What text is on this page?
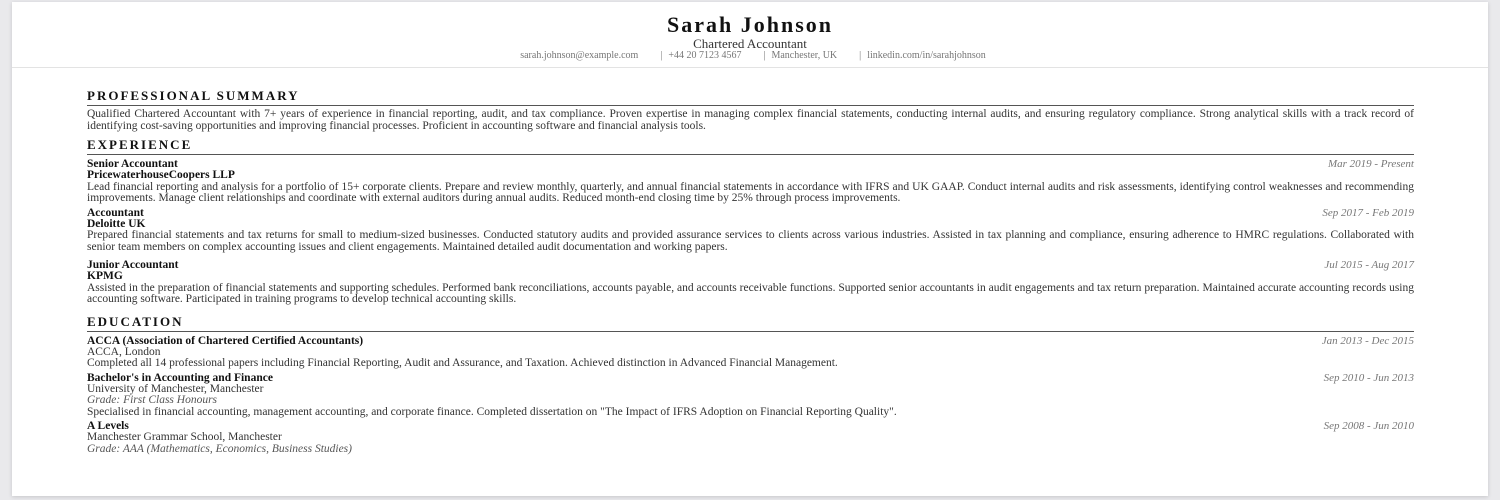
Sarah Johnson
Chartered Accountant
sarah.johnson@example.com | +44 20 7123 4567 | Manchester, UK | linkedin.com/in/sarahjohnson
PROFESSIONAL SUMMARY

Qualified Chartered Accountant with 7+ years of experience in financial reporting, audit, and tax compliance. Proven expertise in managing complex financial statements, conducting internal audits, and ensuring regulatory compliance. Strong analytical skills with a track record of identifying cost-saving opportunities and improving financial processes. Proficient in accounting software and financial analysis tools.

EXPERIENCE
Senior Accountant	Mar 2019 - Present
PricewaterhouseCoopers LLP

Lead financial reporting and analysis for a portfolio of 15+ corporate clients. Prepare and review monthly, quarterly, and annual financial statements in accordance with IFRS and UK GAAP. Conduct internal audits and risk assessments, identifying control weaknesses and recommending improvements. Manage client relationships and coordinate with external auditors during annual audits. Reduced month-end closing time by 25% through process improvements.

Accountant	Sep 2017 - Feb 2019
Deloitte UK

Prepared financial statements and tax returns for small to medium-sized businesses. Conducted statutory audits and provided assurance services to clients across various industries. Assisted in tax planning and compliance, ensuring adherence to HMRC regulations. Collaborated with senior team members on complex accounting issues and client engagements. Maintained detailed audit documentation and working papers.

Junior Accountant	Jul 2015 - Aug 2017
KPMG

Assisted in the preparation of financial statements and supporting schedules. Performed bank reconciliations, accounts payable, and accounts receivable functions. Supported senior accountants in audit engagements and tax return preparation. Maintained accurate accounting records using accounting software. Participated in training programs to develop technical accounting skills.

EDUCATION
ACCA (Association of Chartered Certified Accountants)	Jan 2013 - Dec 2015
ACCA, London

Completed all 14 professional papers including Financial Reporting, Audit and Assurance, and Taxation. Achieved distinction in Advanced Financial Management.

Bachelor's in Accounting and Finance	Sep 2010 - Jun 2013
University of Manchester, Manchester
Grade: First Class Honours

Specialised in financial accounting, management accounting, and corporate finance. Completed dissertation on "The Impact of IFRS Adoption on Financial Reporting Quality".

A Levels	Sep 2008 - Jun 2010
Manchester Grammar School, Manchester
Grade: AAA (Mathematics, Economics, Business Studies)
